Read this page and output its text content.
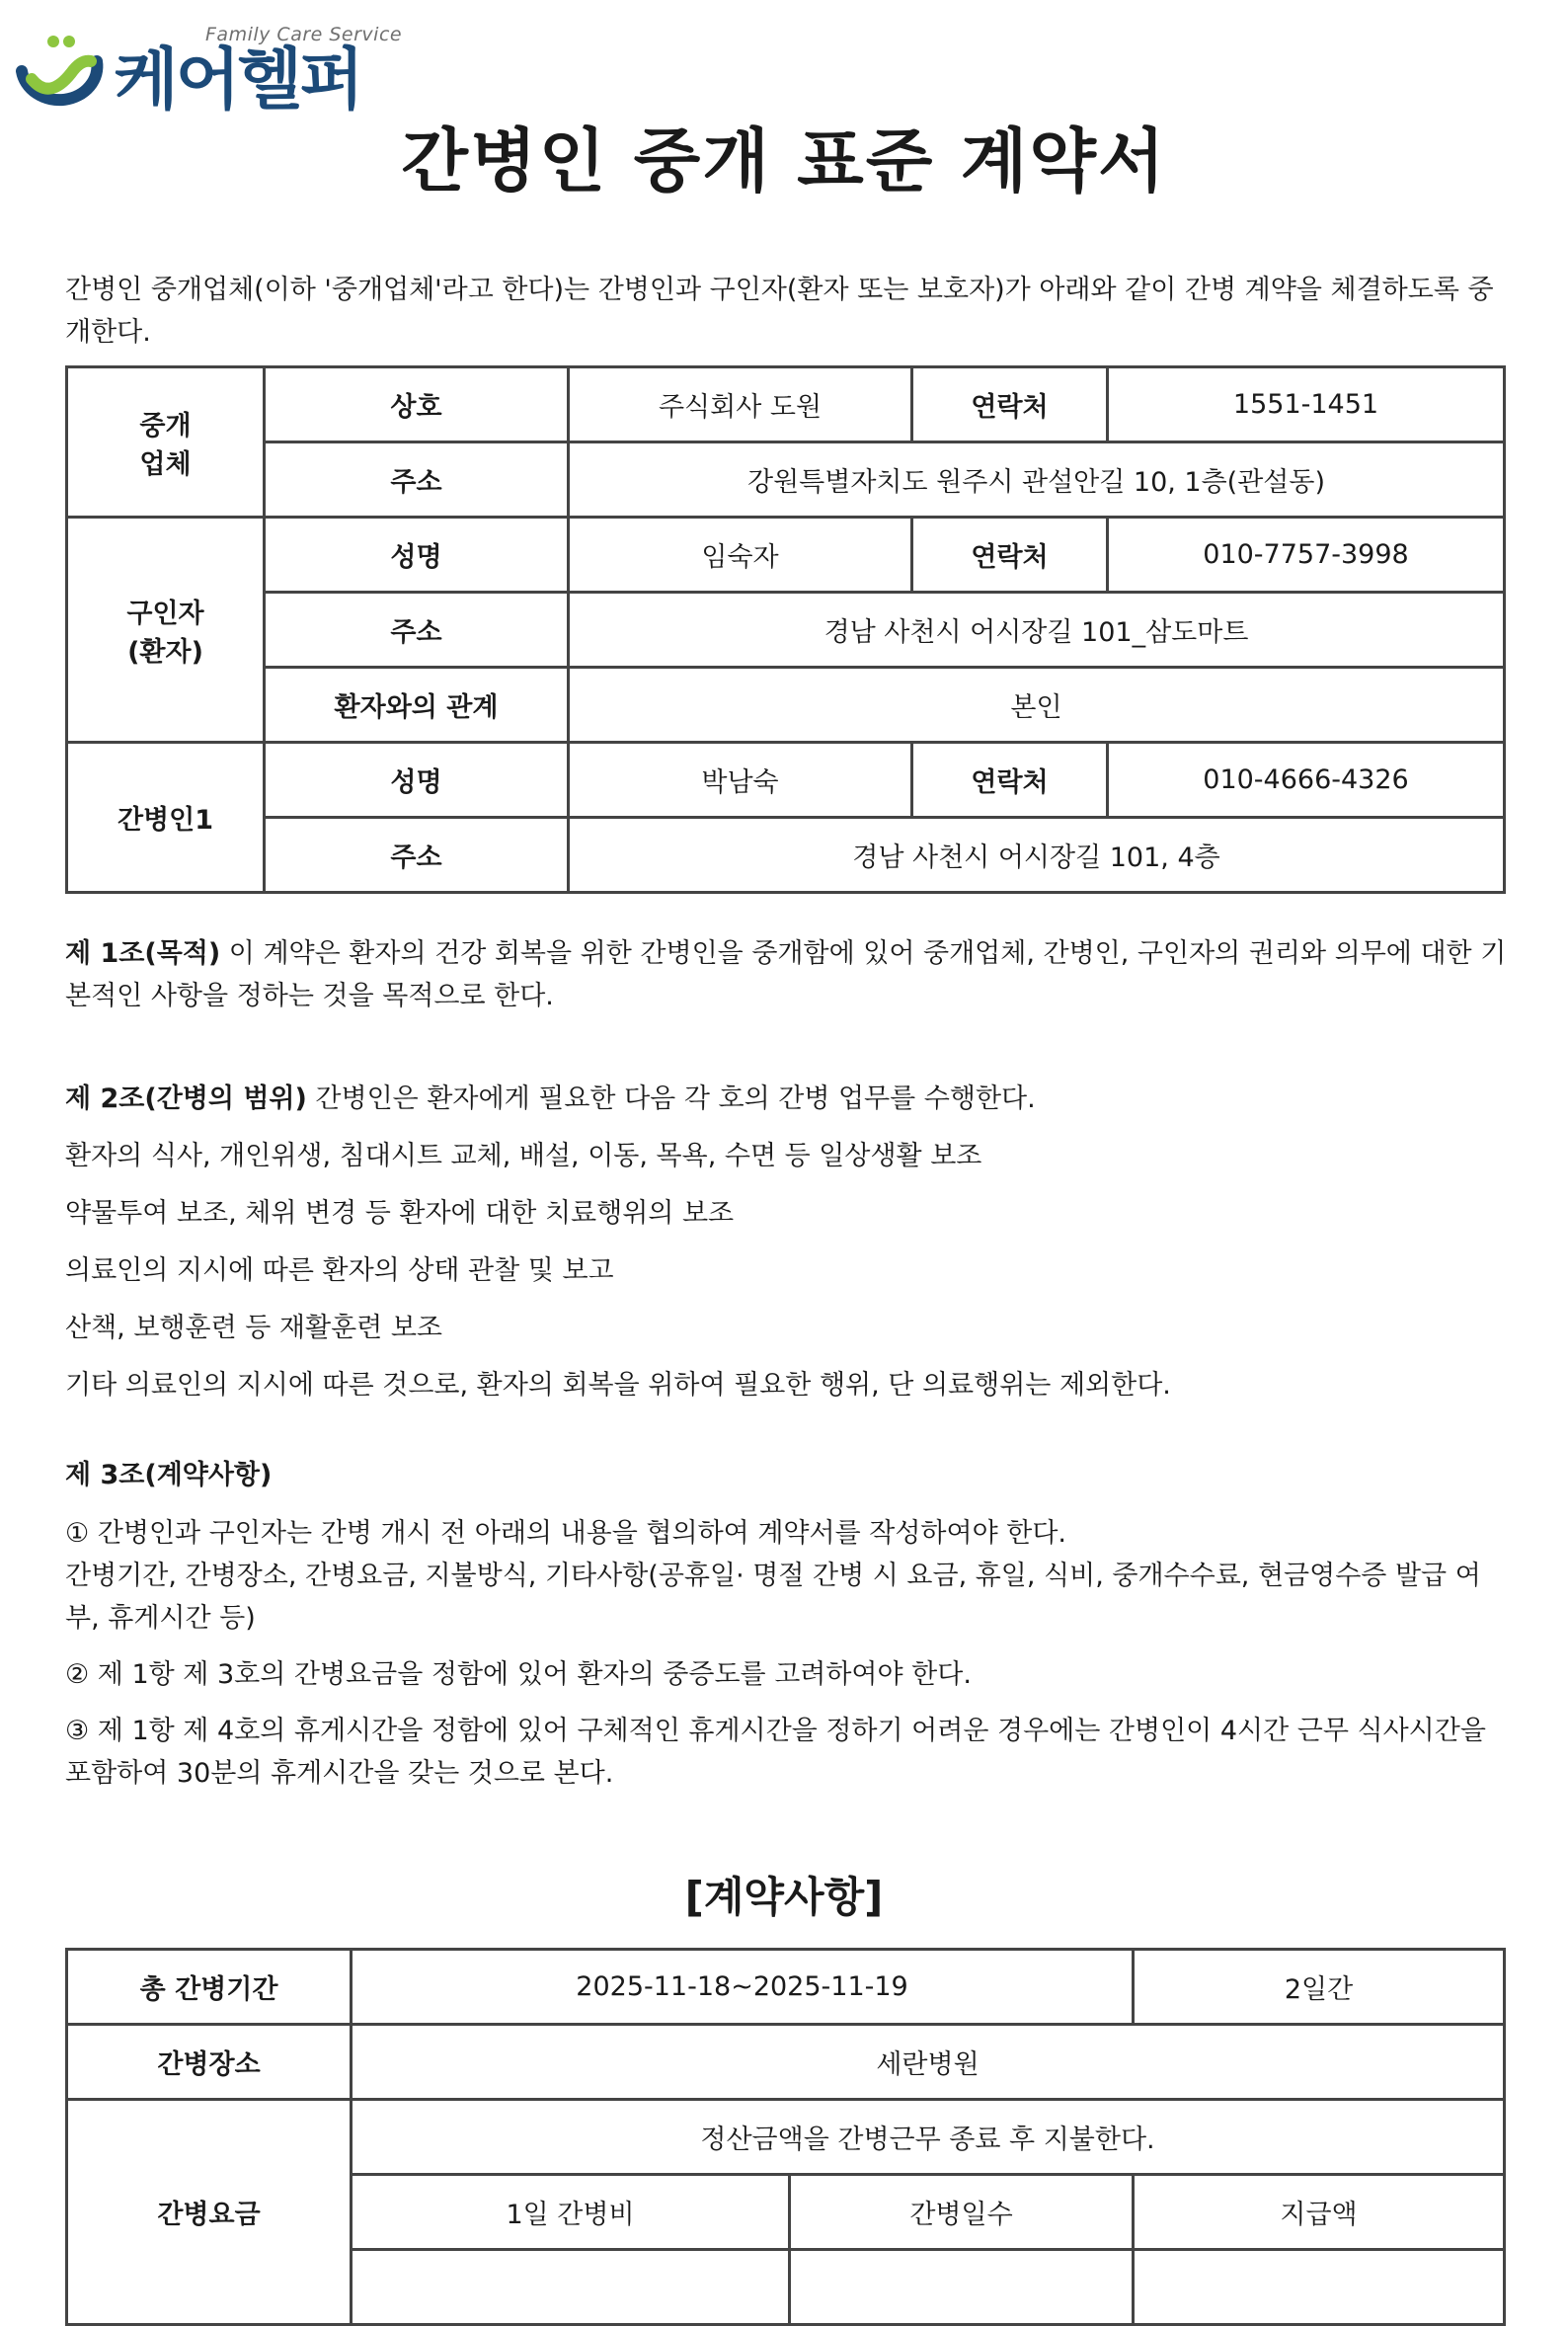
Family Care Service
케어헬퍼
간병인 중개 표준 계약서
간병인 중개업체(이하 '중개업체'라고 한다)는 간병인과 구인자(환자 또는 보호자)가 아래와 같이 간병 계약을 체결하도록 중개한다.
중개
업체	상호	주식회사 도원	연락처	1551-1451
	주소	강원특별자치도 원주시 관설안길 10, 1층(관설동)		
구인자
(환자)	성명	임숙자	연락처	010-7757-3998
	주소	경남 사천시 어시장길 101_삼도마트		
	환자와의 관계	본인		
간병인1	성명	박남숙	연락처	010-4666-4326
	주소	경남 사천시 어시장길 101, 4층		
제 1조(목적) 이 계약은 환자의 건강 회복을 위한 간병인을 중개함에 있어 중개업체, 간병인, 구인자의 권리와 의무에 대한 기본적인 사항을 정하는 것을 목적으로 한다.

제 2조(간병의 범위) 간병인은 환자에게 필요한 다음 각 호의 간병 업무를 수행한다.

환자의 식사, 개인위생, 침대시트 교체, 배설, 이동, 목욕, 수면 등 일상생활 보조

약물투여 보조, 체위 변경 등 환자에 대한 치료행위의 보조

의료인의 지시에 따른 환자의 상태 관찰 및 보고

산책, 보행훈련 등 재활훈련 보조

기타 의료인의 지시에 따른 것으로, 환자의 회복을 위하여 필요한 행위, 단 의료행위는 제외한다.

제 3조(계약사항)

① 간병인과 구인자는 간병 개시 전 아래의 내용을 협의하여 계약서를 작성하여야 한다.

간병기간, 간병장소, 간병요금, 지불방식, 기타사항(공휴일· 명절 간병 시 요금, 휴일, 식비, 중개수수료, 현금영수증 발급 여부, 휴게시간 등)

② 제 1항 제 3호의 간병요금을 정함에 있어 환자의 중증도를 고려하여야 한다.

③ 제 1항 제 4호의 휴게시간을 정함에 있어 구체적인 휴게시간을 정하기 어려운 경우에는 간병인이 4시간 근무 식사시간을 포함하여 30분의 휴게시간을 갖는 것으로 본다.

[계약사항]
총 간병기간	2025-11-18~2025-11-19		2일간
간병장소	세란병원		
간병요금	정산금액을 간병근무 종료 후 지불한다.		
	1일 간병비	간병일수	지급액
